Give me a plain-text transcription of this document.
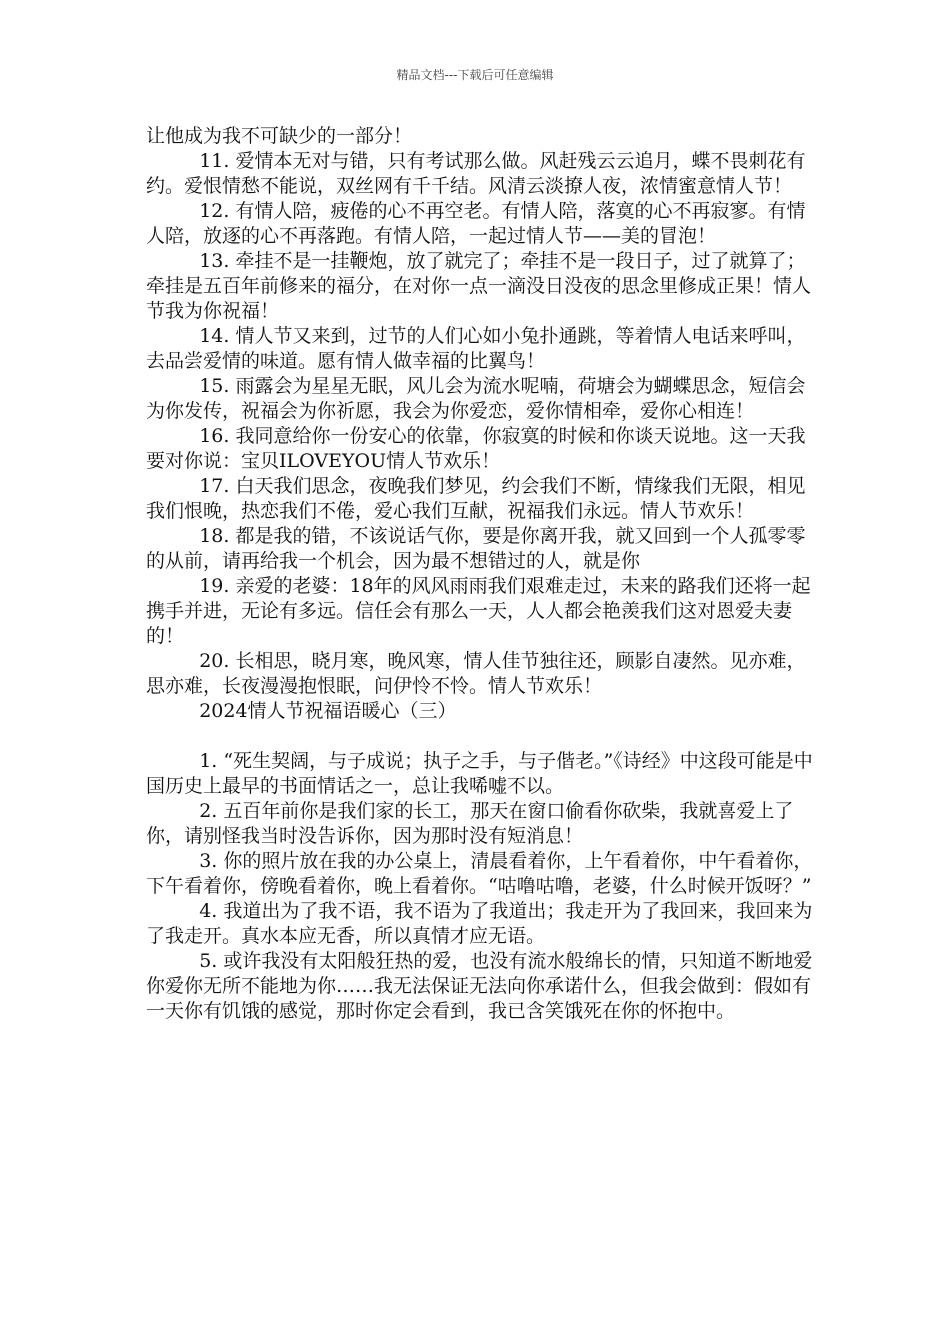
精品文档---下载后可任意编辑

让他成为我不可缺少的一部分！

11. 爱情本无对与错，只有考试那么做。风赶残云云追月，蝶不畏刺花有约。爱恨情愁不能说，双丝网有千千结。风清云淡撩人夜，浓情蜜意情人节！

12. 有情人陪，疲倦的心不再空老。有情人陪，落寞的心不再寂寥。有情人陪，放逐的心不再落跑。有情人陪，一起过情人节——美的冒泡！

13. 牵挂不是一挂鞭炮，放了就完了；牵挂不是一段日子，过了就算了；牵挂是五百年前修来的福分，在对你一点一滴没日没夜的思念里修成正果！情人节我为你祝福！

14. 情人节又来到，过节的人们心如小兔扑通跳，等着情人电话来呼叫，去品尝爱情的味道。愿有情人做幸福的比翼鸟！

15. 雨露会为星星无眠，风儿会为流水呢喃，荷塘会为蝴蝶思念，短信会为你发传，祝福会为你祈愿，我会为你爱恋，爱你情相牵，爱你心相连！

16. 我同意给你一份安心的依靠，你寂寞的时候和你谈天说地。这一天我要对你说：宝贝ILOVEYOU情人节欢乐！

17. 白天我们思念，夜晚我们梦见，约会我们不断，情缘我们无限，相见我们恨晚，热恋我们不倦，爱心我们互献，祝福我们永远。情人节欢乐！

18. 都是我的错，不该说话气你，要是你离开我，就又回到一个人孤零零的从前，请再给我一个机会，因为最不想错过的人，就是你

19. 亲爱的老婆：18年的风风雨雨我们艰难走过，未来的路我们还将一起携手并进，无论有多远。信任会有那么一天，人人都会艳羡我们这对恩爱夫妻的！

20. 长相思，晓月寒，晚风寒，情人佳节独往还，顾影自凄然。见亦难，思亦难，长夜漫漫抱恨眠，问伊怜不怜。情人节欢乐！

2024情人节祝福语暖心（三）

1. “死生契阔，与子成说；执子之手，与子偕老。”《诗经》中这段可能是中国历史上最早的书面情话之一，总让我唏嘘不以。

2. 五百年前你是我们家的长工，那天在窗口偷看你砍柴，我就喜爱上了你，请别怪我当时没告诉你，因为那时没有短消息！

3. 你的照片放在我的办公桌上，清晨看着你，上午看着你，中午看着你，下午看着你，傍晚看着你，晚上看着你。“咕噜咕噜，老婆，什么时候开饭呀？”

4. 我道出为了我不语，我不语为了我道出；我走开为了我回来，我回来为了我走开。真水本应无香，所以真情才应无语。

5. 或许我没有太阳般狂热的爱，也没有流水般绵长的情，只知道不断地爱你爱你无所不能地为你……我无法保证无法向你承诺什么，但我会做到：假如有一天你有饥饿的感觉，那时你定会看到，我已含笑饿死在你的怀抱中。
